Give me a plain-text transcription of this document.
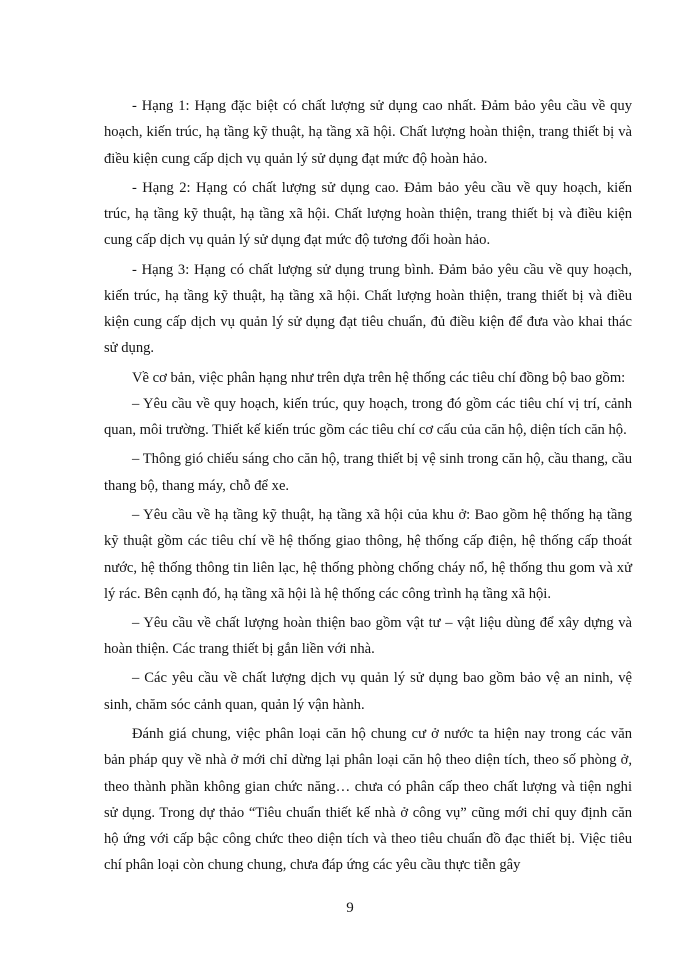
- Hạng 1: Hạng đặc biệt có chất lượng sử dụng cao nhất. Đảm bảo yêu cầu về quy hoạch, kiến trúc, hạ tầng kỹ thuật, hạ tầng xã hội. Chất lượng hoàn thiện, trang thiết bị và điều kiện cung cấp dịch vụ quản lý sử dụng đạt mức độ hoàn hảo.

- Hạng 2: Hạng có chất lượng sử dụng cao. Đảm bảo yêu cầu về quy hoạch, kiến trúc, hạ tầng kỹ thuật, hạ tầng xã hội. Chất lượng hoàn thiện, trang thiết bị và điều kiện cung cấp dịch vụ quản lý sử dụng đạt mức độ tương đối hoàn hảo.

- Hạng 3: Hạng có chất lượng sử dụng trung bình. Đảm bảo yêu cầu về quy hoạch, kiến trúc, hạ tầng kỹ thuật, hạ tầng xã hội. Chất lượng hoàn thiện, trang thiết bị và điều kiện cung cấp dịch vụ quản lý sử dụng đạt tiêu chuẩn, đủ điều kiện để đưa vào khai thác sử dụng.

Về cơ bản, việc phân hạng như trên dựa trên hệ thống các tiêu chí đồng bộ bao gồm:

– Yêu cầu về quy hoạch, kiến trúc, quy hoạch, trong đó gồm các tiêu chí vị trí, cảnh quan, môi trường. Thiết kế kiến trúc gồm các tiêu chí cơ cấu của căn hộ, diện tích căn hộ.

– Thông gió chiếu sáng cho căn hộ, trang thiết bị vệ sinh trong căn hộ, cầu thang, cầu thang bộ, thang máy, chỗ để xe.

– Yêu cầu về hạ tầng kỹ thuật, hạ tầng xã hội của khu ở: Bao gồm hệ thống hạ tầng kỹ thuật gồm các tiêu chí về hệ thống giao thông, hệ thống cấp điện, hệ thống cấp thoát nước, hệ thống thông tin liên lạc, hệ thống phòng chống cháy nổ, hệ thống thu gom và xử lý rác. Bên cạnh đó, hạ tầng xã hội là hệ thống các công trình hạ tầng xã hội.

– Yêu cầu về chất lượng hoàn thiện bao gồm vật tư – vật liệu dùng để xây dựng và hoàn thiện. Các trang thiết bị gắn liền với nhà.

– Các yêu cầu về chất lượng dịch vụ quản lý sử dụng bao gồm bảo vệ an ninh, vệ sinh, chăm sóc cảnh quan, quản lý vận hành.

Đánh giá chung, việc phân loại căn hộ chung cư ở nước ta hiện nay trong các văn bản pháp quy về nhà ở mới chỉ dừng lại phân loại căn hộ theo diện tích, theo số phòng ở, theo thành phần không gian chức năng… chưa có phân cấp theo chất lượng và tiện nghi sử dụng. Trong dự thảo “Tiêu chuẩn thiết kế nhà ở công vụ” cũng mới chỉ quy định căn hộ ứng với cấp bậc công chức theo diện tích và theo tiêu chuẩn đồ đạc thiết bị. Việc tiêu chí phân loại còn chung chung, chưa đáp ứng các yêu cầu thực tiễn gây

9
